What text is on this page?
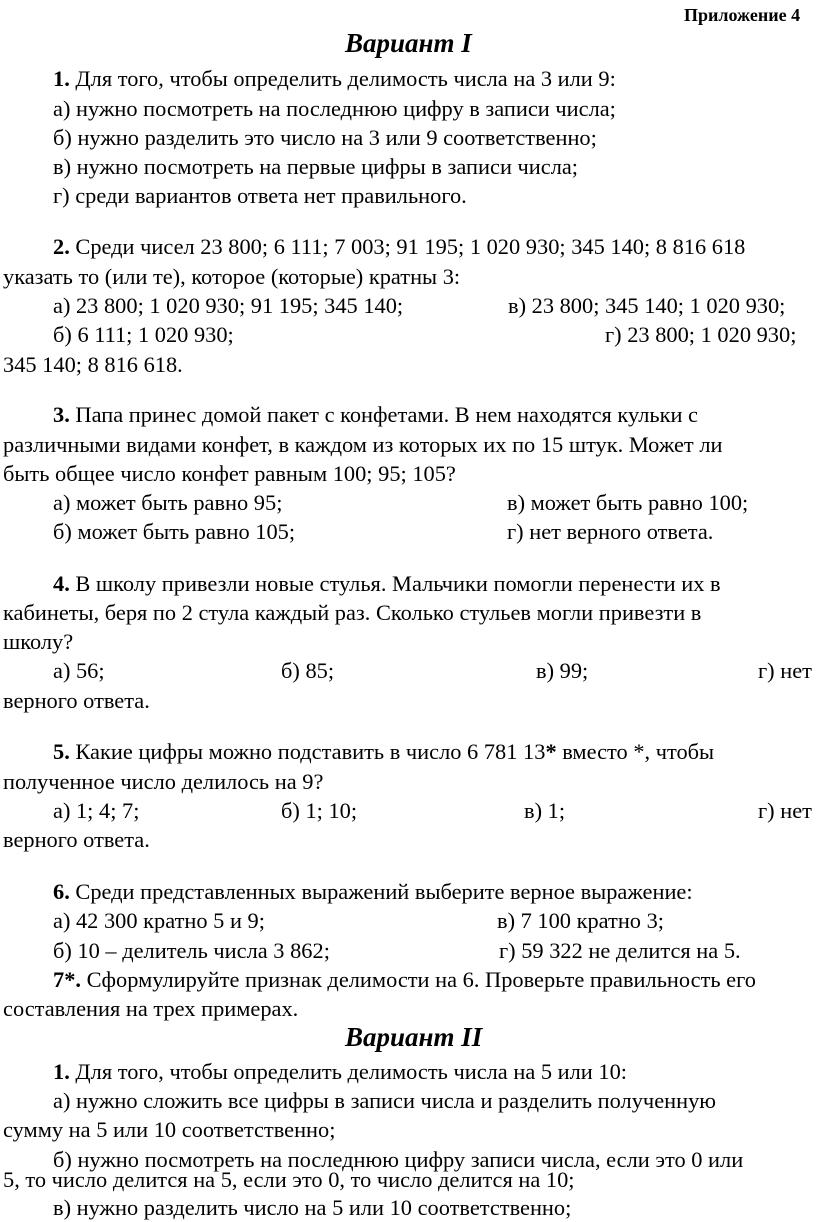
Приложение 4
Вариант I
1. Для того, чтобы определить делимость числа на 3 или 9:
а) нужно посмотреть на последнюю цифру в записи числа;
б) нужно разделить это число на 3 или 9 соответственно;
в) нужно посмотреть на первые цифры в записи числа;
г) среди вариантов ответа нет правильного.
2. Среди чисел 23 800; 6 111; 7 003; 91 195; 1 020 930; 345 140; 8 816 618
указать то (или те), которое (которые) кратны 3:
а) 23 800; 1 020 930; 91 195; 345 140;	в) 23 800; 345 140; 1 020 930;
б) 6 111; 1 020 930;	г) 23 800; 1 020 930;
345 140; 8 816 618.
3. Папа принес домой пакет с конфетами. В нем находятся кульки с
различными видами конфет, в каждом из которых их по 15 штук. Может ли
быть общее число конфет равным 100; 95; 105?
а) может быть равно 95;	в) может быть равно 100;
б) может быть равно 105;	г) нет верного ответа.
4. В школу привезли новые стулья. Мальчики помогли перенести их в
кабинеты, беря по 2 стула каждый раз. Сколько стульев могли привезти в
школу?
а) 56;	б) 85;	в) 99;	г) нет
верного ответа.
5. Какие цифры можно подставить в число 6 781 13* вместо *, чтобы
полученное число делилось на 9?
а) 1; 4; 7;	б) 1; 10;	в) 1;	г) нет
верного ответа.
6. Среди представленных выражений выберите верное выражение:
а) 42 300 кратно 5 и 9;	в) 7 100 кратно 3;
б) 10 – делитель числа 3 862;	г) 59 322 не делится на 5.
7*. Сформулируйте признак делимости на 6. Проверьте правильность его
составления на трех примерах.
Вариант II
1. Для того, чтобы определить делимость числа на 5 или 10:
а) нужно сложить все цифры в записи числа и разделить полученную
сумму на 5 или 10 соответственно;
б) нужно посмотреть на последнюю цифру записи числа, если это 0 или
5, то число делится на 5, если это 0, то число делится на 10;
в) нужно разделить число на 5 или 10 соответственно;
